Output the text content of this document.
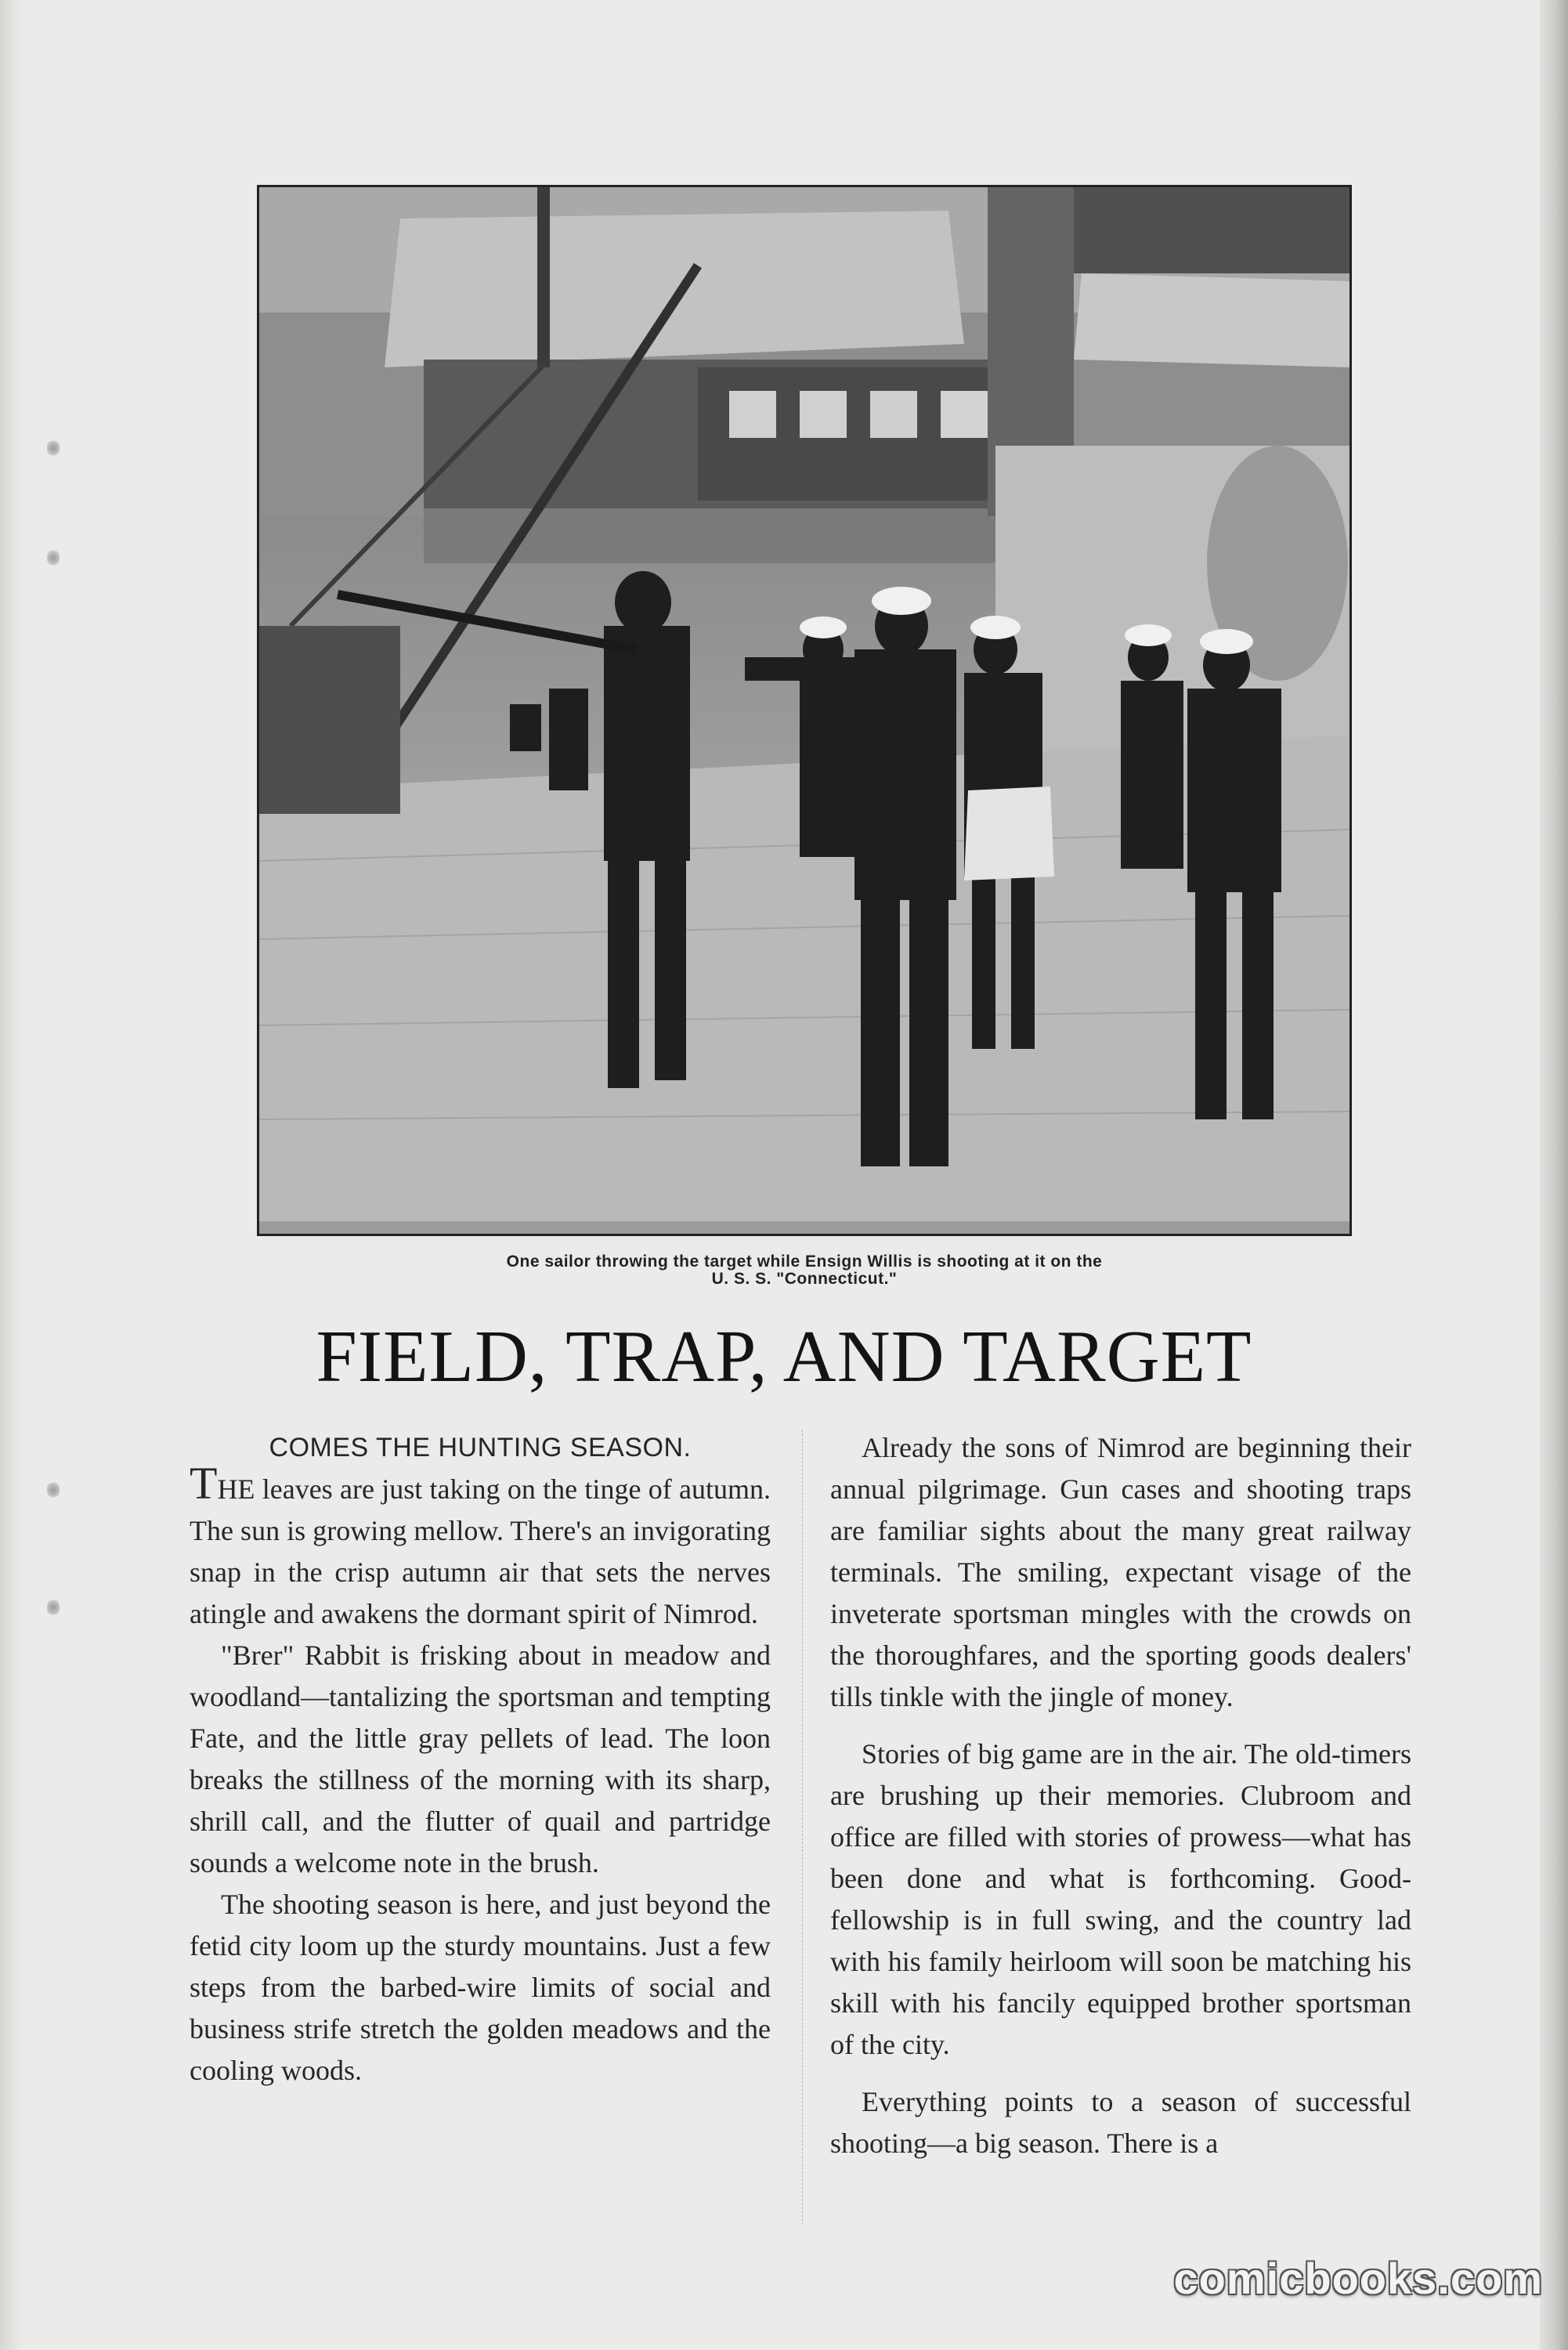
One sailor throwing the target while Ensign Willis is shooting at it on the
U. S. S. "Connecticut."
FIELD, TRAP, AND TARGET

COMES THE HUNTING SEASON.

THE leaves are just taking on the tinge of autumn. The sun is growing mellow. There's an invigorating snap in the crisp autumn air that sets the nerves atingle and awakens the dormant spirit of Nimrod.

"Brer" Rabbit is frisking about in meadow and woodland—tantalizing the sportsman and tempting Fate, and the little gray pellets of lead. The loon breaks the stillness of the morning with its sharp, shrill call, and the flutter of quail and partridge sounds a welcome note in the brush.

The shooting season is here, and just beyond the fetid city loom up the sturdy mountains. Just a few steps from the barbed-wire limits of social and business strife stretch the golden meadows and the cooling woods.

Already the sons of Nimrod are beginning their annual pilgrimage. Gun cases and shooting traps are familiar sights about the many great railway terminals. The smiling, expectant visage of the inveterate sportsman mingles with the crowds on the thoroughfares, and the sporting goods dealers' tills tinkle with the jingle of money.

Stories of big game are in the air. The old-timers are brushing up their memories. Clubroom and office are filled with stories of prowess—what has been done and what is forthcoming. Good-fellowship is in full swing, and the country lad with his family heirloom will soon be matching his skill with his fancily equipped brother sportsman of the city.

Everything points to a season of successful shooting—a big season. There is a

comicbooks.com
